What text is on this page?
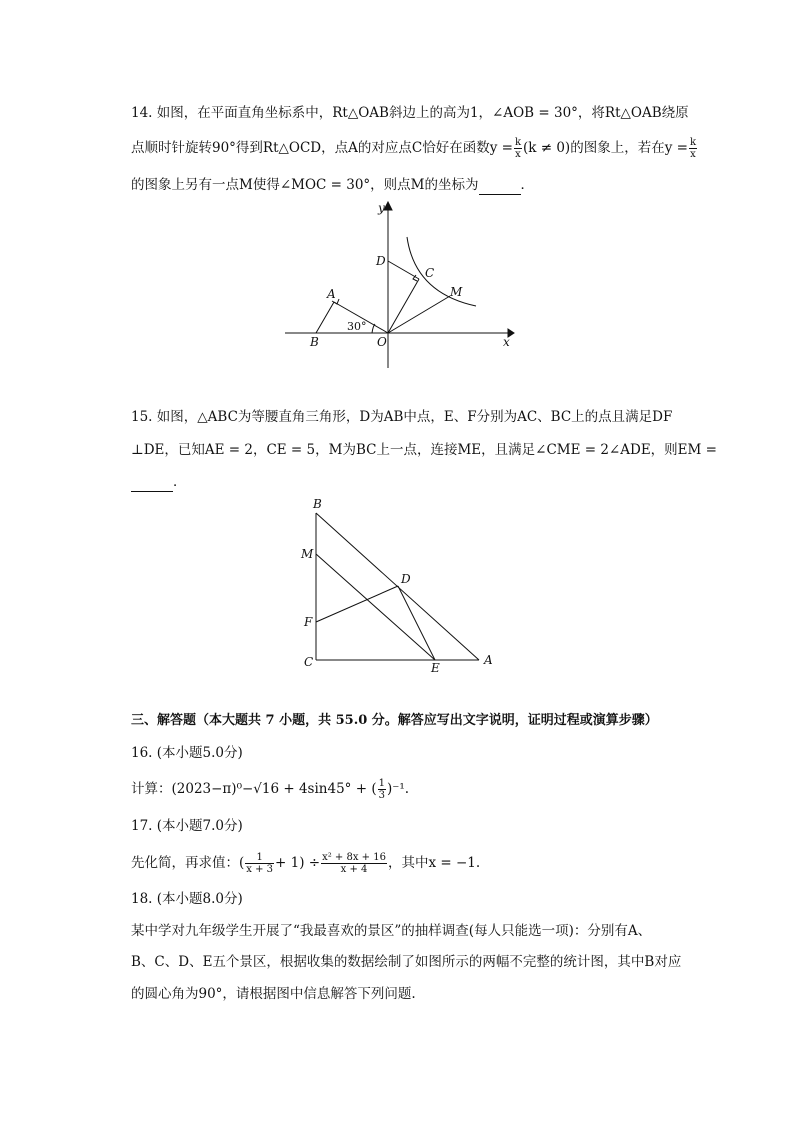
14. 如图，在平面直角坐标系中，Rt△OAB斜边上的高为1，∠AOB = 30°，将Rt△OAB绕原
点顺时针旋转90°得到Rt△OCD，点A的对应点C恰好在函数$y = \frac{k}{x} (k \ne 0)$的图象上，若在$y = \frac{k}{x}$
的图象上另有一点M使得∠MOC = 30°，则点M的坐标为	．
y
x
D
C
M
A
B	O
30°
15. 如图，△ABC为等腰直角三角形，D为AB中点，E、F分别为AC、BC上的点且满足DF
⊥DE，已知AE = 2，CE = 5，M为BC上一点，连接ME，且满足∠CME = 2∠ADE，则EM =
．
B
M
D
F
C	E
A
三、解答题（本大题共 7 小题，共 55.0 分。解答应写出文字说明，证明过程或演算步骤）
16. (本小题5.0分)
计算：(2023−π)⁰−√16 + 4sin45° + ( $\frac{1}{3} )^{-1}$.
17. (本小题7.0分)
先化简，再求值：( $\frac{1}{x + 3} + 1) \div \frac{\text{x² + 8x + 16}}{x + 4}$ ，其中x = −1.
18. (本小题8.0分)
某中学对九年级学生开展了“我最喜欢的景区”的抽样调查(每人只能选一项)：分别有A、
B、C、D、E五个景区，根据收集的数据绘制了如图所示的两幅不完整的统计图，其中B对应
的圆心角为90°，请根据图中信息解答下列问题.
